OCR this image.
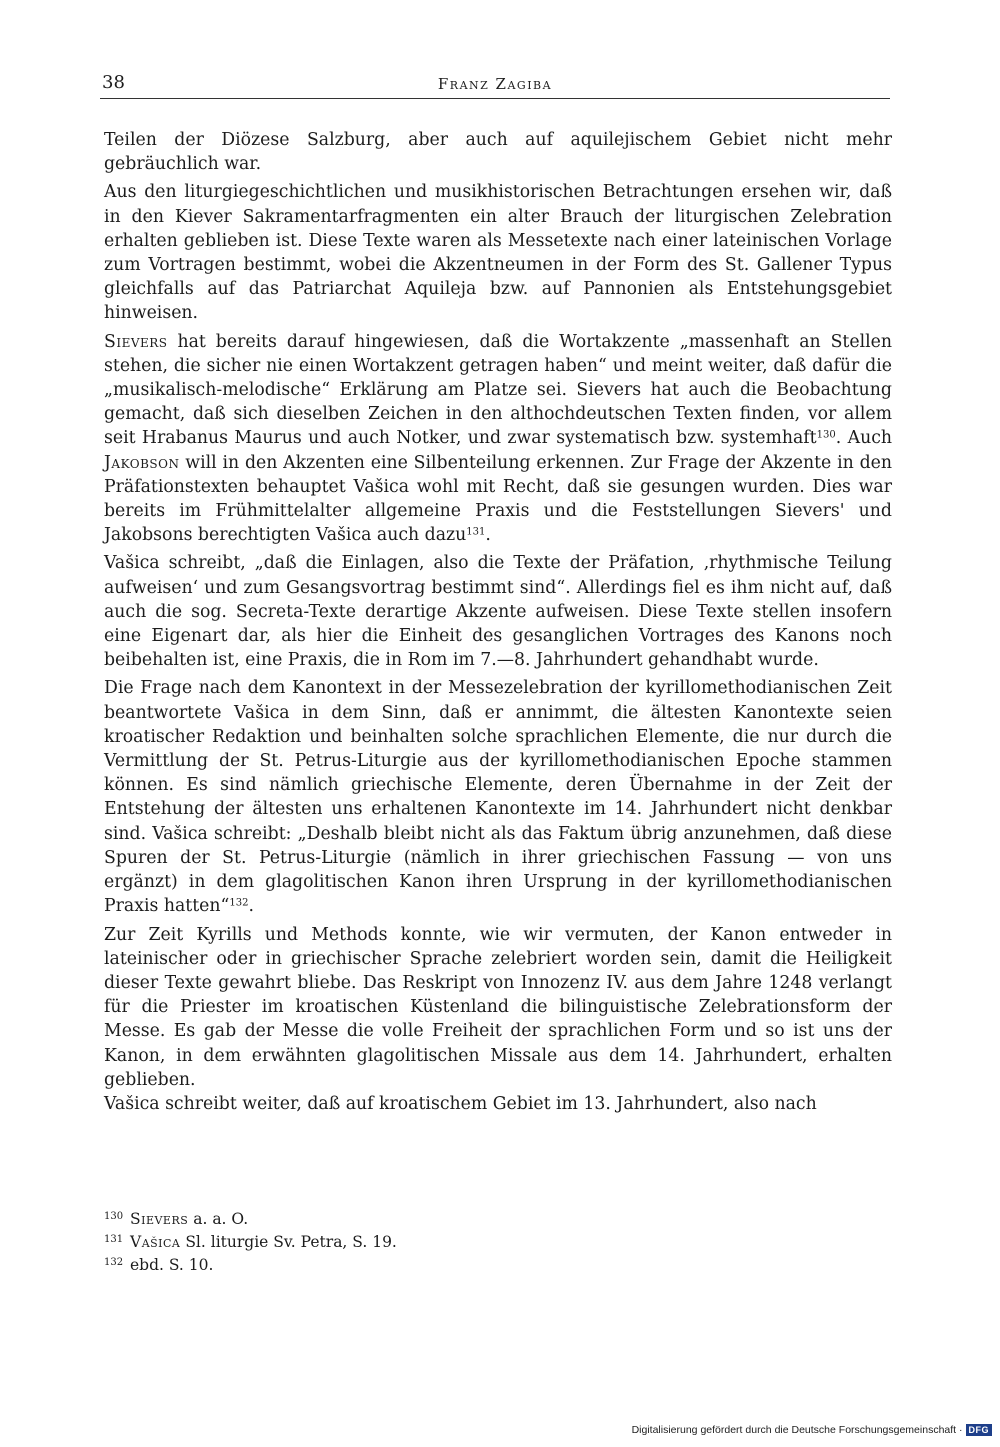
38	Franz Zagiba

Teilen der Diözese Salzburg, aber auch auf aquilejischem Gebiet nicht mehr gebräuchlich war.

Aus den liturgiegeschichtlichen und musikhistorischen Betrachtungen ersehen wir, daß in den Kiever Sakramentarfragmenten ein alter Brauch der liturgischen Zelebration erhalten geblieben ist. Diese Texte waren als Messetexte nach einer lateinischen Vorlage zum Vortragen bestimmt, wobei die Akzentneumen in der Form des St. Gallener Typus gleichfalls auf das Patriarchat Aquileja bzw. auf Pannonien als Entstehungsgebiet hinweisen.

Sievers hat bereits darauf hingewiesen, daß die Wortakzente „massenhaft an Stellen stehen, die sicher nie einen Wortakzent getragen haben“ und meint weiter, daß dafür die „musikalisch-melodische“ Erklärung am Platze sei. Sievers hat auch die Beobachtung gemacht, daß sich dieselben Zeichen in den althochdeutschen Texten finden, vor allem seit Hrabanus Maurus und auch Notker, und zwar systematisch bzw. systemhaft$^{130}$. Auch Jakobson will in den Akzenten eine Silbenteilung erkennen. Zur Frage der Akzente in den Präfationstexten behauptet Vašica wohl mit Recht, daß sie gesungen wurden. Dies war bereits im Frühmittelalter allgemeine Praxis und die Feststellungen Sievers' und Jakobsons berechtigten Vašica auch dazu$^{131}$.

Vašica schreibt, „daß die Einlagen, also die Texte der Präfation, ‚rhythmische Teilung aufweisen‘ und zum Gesangsvortrag bestimmt sind“. Allerdings fiel es ihm nicht auf, daß auch die sog. Secreta-Texte derartige Akzente aufweisen. Diese Texte stellen insofern eine Eigenart dar, als hier die Einheit des gesanglichen Vortrages des Kanons noch beibehalten ist, eine Praxis, die in Rom im 7.—8. Jahrhundert gehandhabt wurde.

Die Frage nach dem Kanontext in der Messezelebration der kyrillomethodianischen Zeit beantwortete Vašica in dem Sinn, daß er annimmt, die ältesten Kanontexte seien kroatischer Redaktion und beinhalten solche sprachlichen Elemente, die nur durch die Vermittlung der St. Petrus-Liturgie aus der kyrillomethodianischen Epoche stammen können. Es sind nämlich griechische Elemente, deren Übernahme in der Zeit der Entstehung der ältesten uns erhaltenen Kanontexte im 14. Jahrhundert nicht denkbar sind. Vašica schreibt: „Deshalb bleibt nicht als das Faktum übrig anzunehmen, daß diese Spuren der St. Petrus-Liturgie (nämlich in ihrer griechischen Fassung — von uns ergänzt) in dem glagolitischen Kanon ihren Ursprung in der kyrillomethodianischen Praxis hatten“$^{132}$.

Zur Zeit Kyrills und Methods konnte, wie wir vermuten, der Kanon entweder in lateinischer oder in griechischer Sprache zelebriert worden sein, damit die Heiligkeit dieser Texte gewahrt bliebe. Das Reskript von Innozenz IV. aus dem Jahre 1248 verlangt für die Priester im kroatischen Küstenland die bilinguistische Zelebrationsform der Messe. Es gab der Messe die volle Freiheit der sprachlichen Form und so ist uns der Kanon, in dem erwähnten glagolitischen Missale aus dem 14. Jahrhundert, erhalten geblieben.
Vašica schreibt weiter, daß auf kroatischem Gebiet im 13. Jahrhundert, also nach

130 Sievers a. a. O.
131 Vašica Sl. liturgie Sv. Petra, S. 19.
132 ebd. S. 10.
Digitalisierung gefördert durch die Deutsche Forschungsgemeinschaft · DFG
